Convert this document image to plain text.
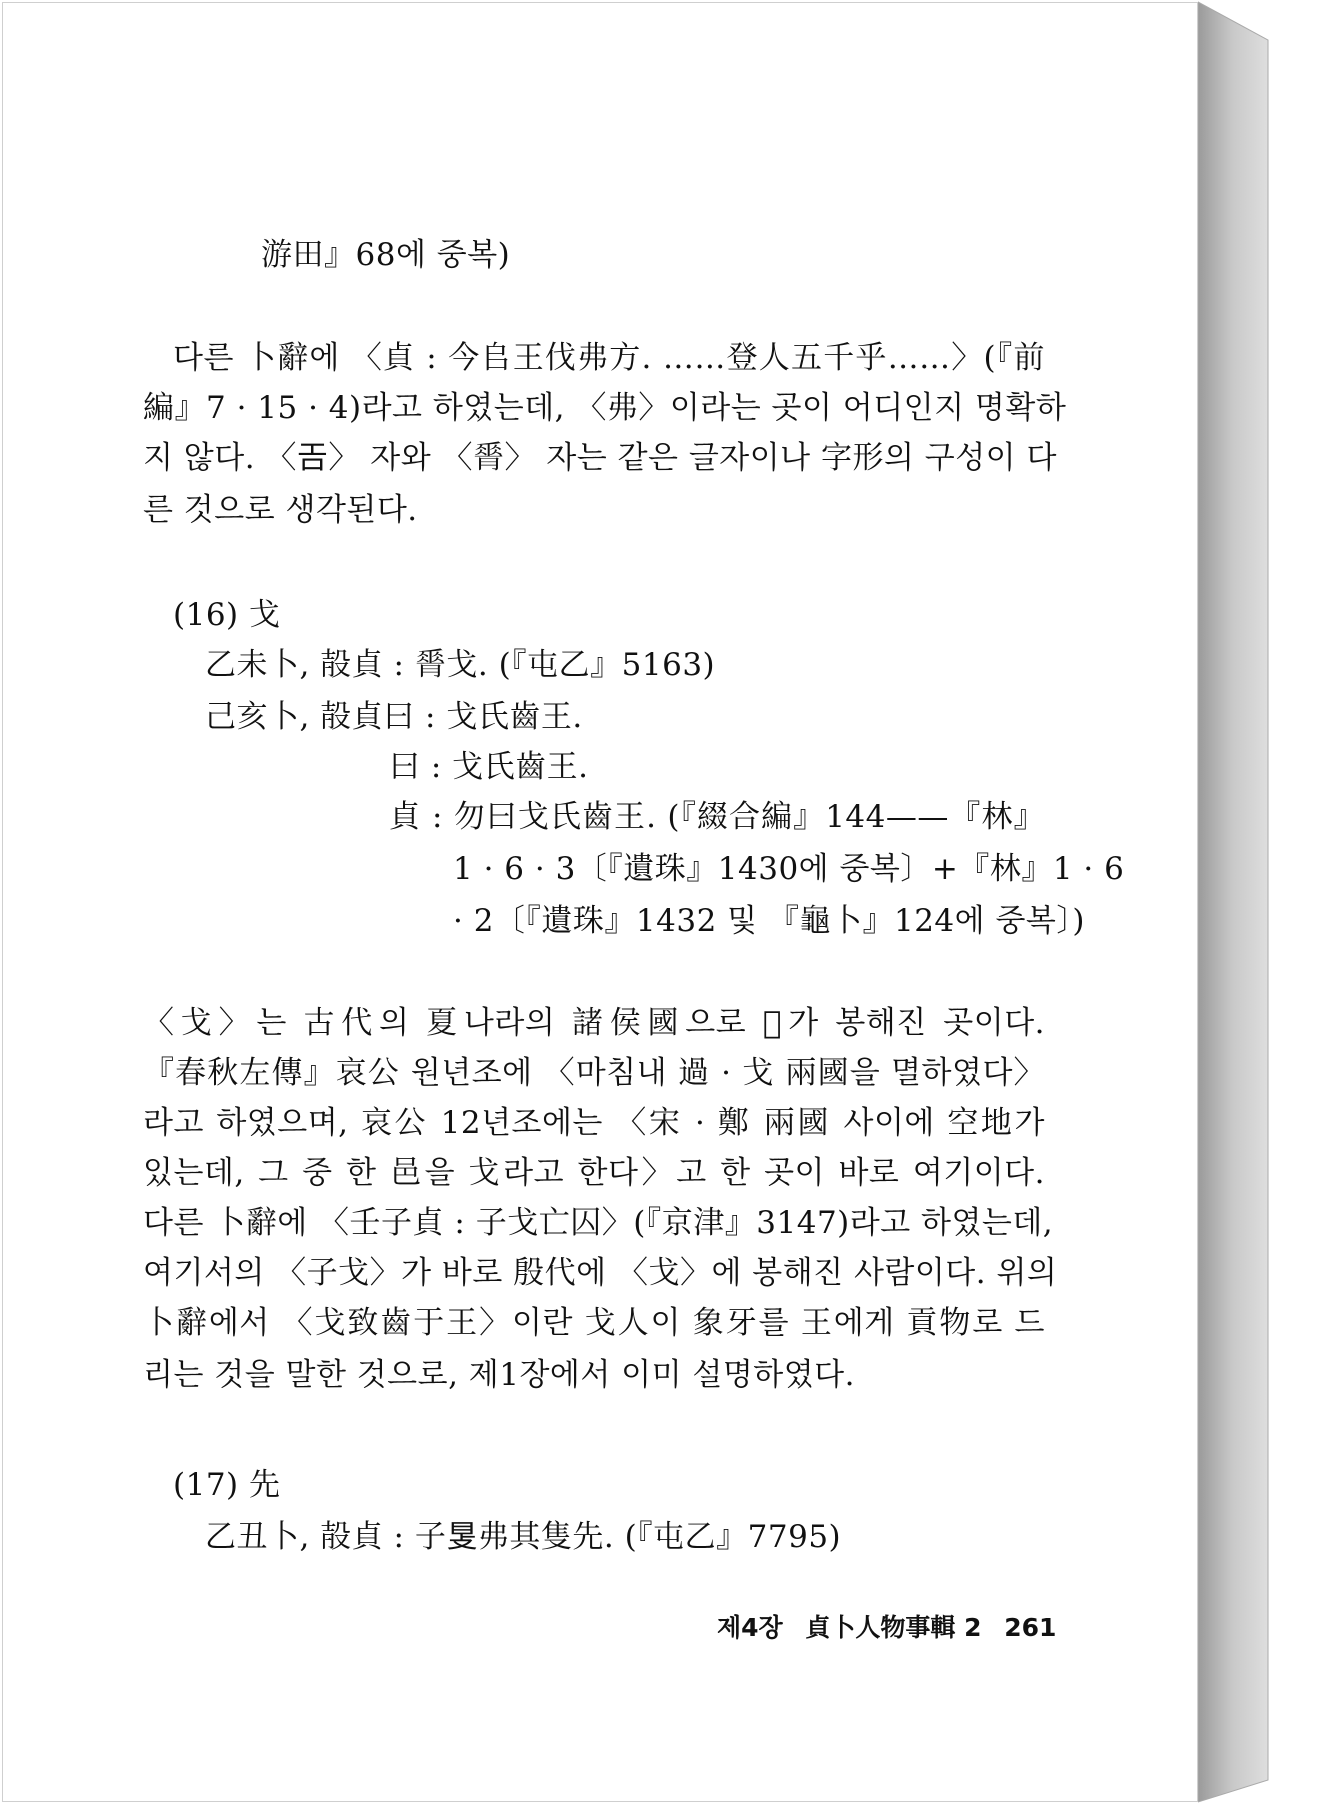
游田』68에 중복)
다른 卜辭에 〈貞 : 今𠂤王伐弗方. ……登人五千乎……〉(『前
編』7 · 15 · 4)라고 하였는데, 〈弗〉이라는 곳이 어디인지 명확하
지 않다. 〈𢀛〉 자와 〈𦟝〉 자는 같은 글자이나 字形의 구성이 다
른 것으로 생각된다.
(16) 戈
乙未卜, 㱿貞 : 𦟝戈. (『屯乙』5163)
己亥卜, 㱿貞曰 : 戈氏齒王.
曰 : 戈氏齒王.
貞 : 勿曰戈氏齒王. (『綴合編』144——『林』
1 · 6 · 3〔『遺珠』1430에 중복〕+『林』1 · 6
· 2〔『遺珠』1432 및 『龜卜』124에 중복〕)
〈戈〉는 古代의 夏나라의 諸侯國으로 𤞷가 봉해진 곳이다.
『春秋左傳』哀公 원년조에 〈마침내 過 · 戈 兩國을 멸하였다〉
라고 하였으며, 哀公 12년조에는 〈宋 · 鄭 兩國 사이에 空地가
있는데, 그 중 한 邑을 戈라고 한다〉고 한 곳이 바로 여기이다.
다른 卜辭에 〈壬子貞 : 子戈亡囚〉(『京津』3147)라고 하였는데,
여기서의 〈子戈〉가 바로 殷代에 〈戈〉에 봉해진 사람이다. 위의
卜辭에서 〈戈致齒于王〉이란 戈人이 象牙를 王에게 貢物로 드
리는 것을 말한 것으로, 제1장에서 이미 설명하였다.
(17) 先
乙丑卜, 㱿貞 : 子𥄎弗其隻先. (『屯乙』7795)
제4장 貞卜人物事輯 2 261
